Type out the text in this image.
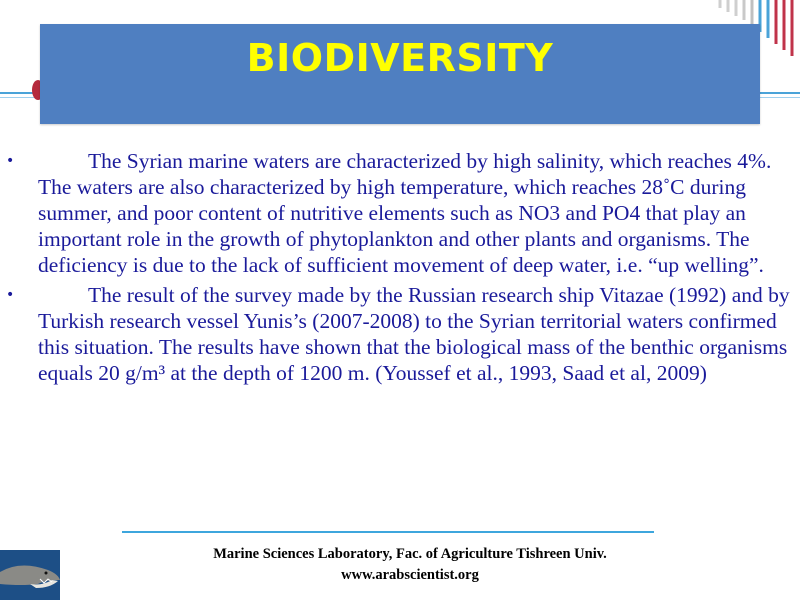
BIODIVERSITY

•	The Syrian marine waters are characterized by high salinity, which reaches 4%. The waters are also characterized by high temperature, which reaches 28˚C during summer, and poor content of nutritive elements such as NO3 and PO4 that play an important role in the growth of phytoplankton and other plants and organisms. The deficiency is due to the lack of sufficient movement of deep water, i.e. “up welling”.

•	The result of the survey made by the Russian research ship Vitazae (1992) and by Turkish research vessel Yunis’s (2007-2008) to the Syrian territorial waters confirmed this situation. The results have shown that the biological mass of the benthic organisms equals 20 g/m³ at the depth of 1200 m. (Youssef et al., 1993, Saad et al, 2009)

Marine Sciences Laboratory, Fac. of Agriculture Tishreen Univ.
www.arabscientist.org
